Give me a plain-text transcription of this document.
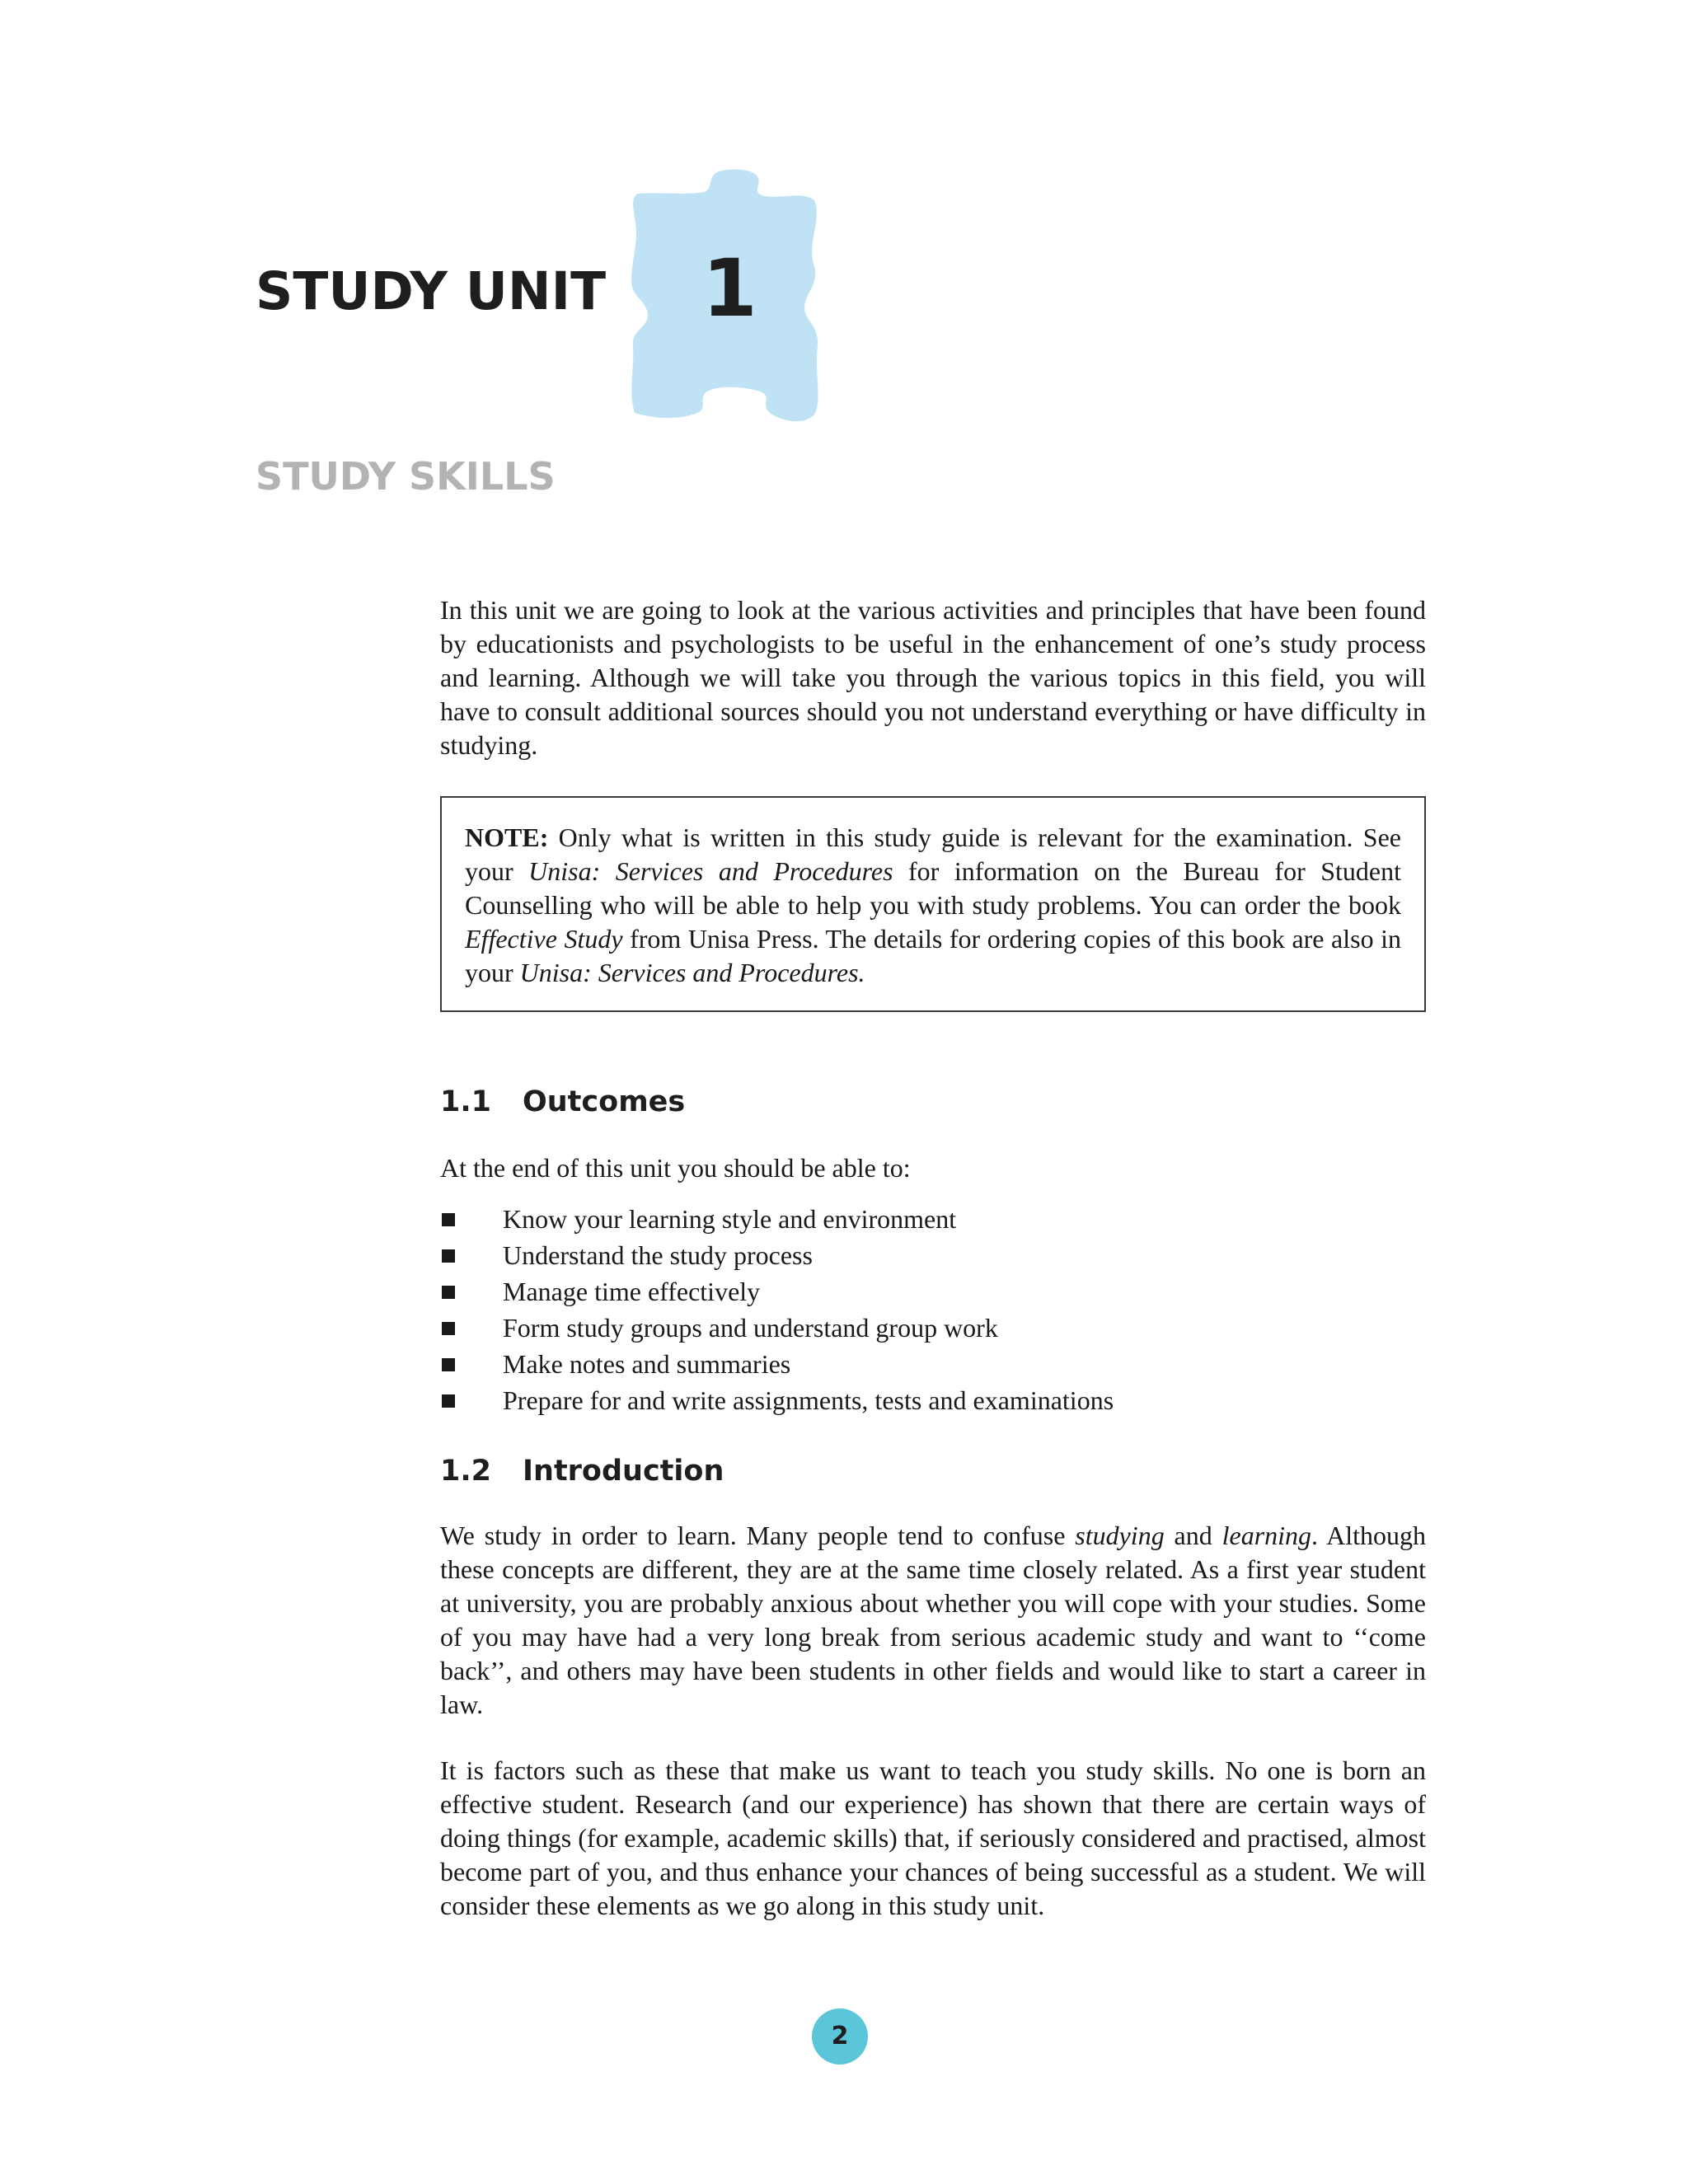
STUDY UNIT 1
STUDY SKILLS

In this unit we are going to look at the various activities and principles that have been found by educationists and psychologists to be useful in the enhancement of one’s study process and learning. Although we will take you through the various topics in this field, you will have to consult additional sources should you not understand everything or have difficulty in studying.

NOTE: Only what is written in this study guide is relevant for the examination. See your Unisa: Services and Procedures for information on the Bureau for Student Counselling who will be able to help you with study problems. You can order the book Effective Study from Unisa Press. The details for ordering copies of this book are also in your Unisa: Services and Procedures.

1.1 Outcomes

At the end of this unit you should be able to:

Know your learning style and environment
Understand the study process
Manage time effectively
Form study groups and understand group work
Make notes and summaries
Prepare for and write assignments, tests and examinations
1.2 Introduction

We study in order to learn. Many people tend to confuse studying and learning. Although these concepts are different, they are at the same time closely related. As a first year student at university, you are probably anxious about whether you will cope with your studies. Some of you may have had a very long break from serious academic study and want to ‘‘come back’’, and others may have been students in other fields and would like to start a career in law.

It is factors such as these that make us want to teach you study skills. No one is born an effective student. Research (and our experience) has shown that there are certain ways of doing things (for example, academic skills) that, if seriously considered and practised, almost become part of you, and thus enhance your chances of being successful as a student. We will consider these elements as we go along in this study unit.

2
